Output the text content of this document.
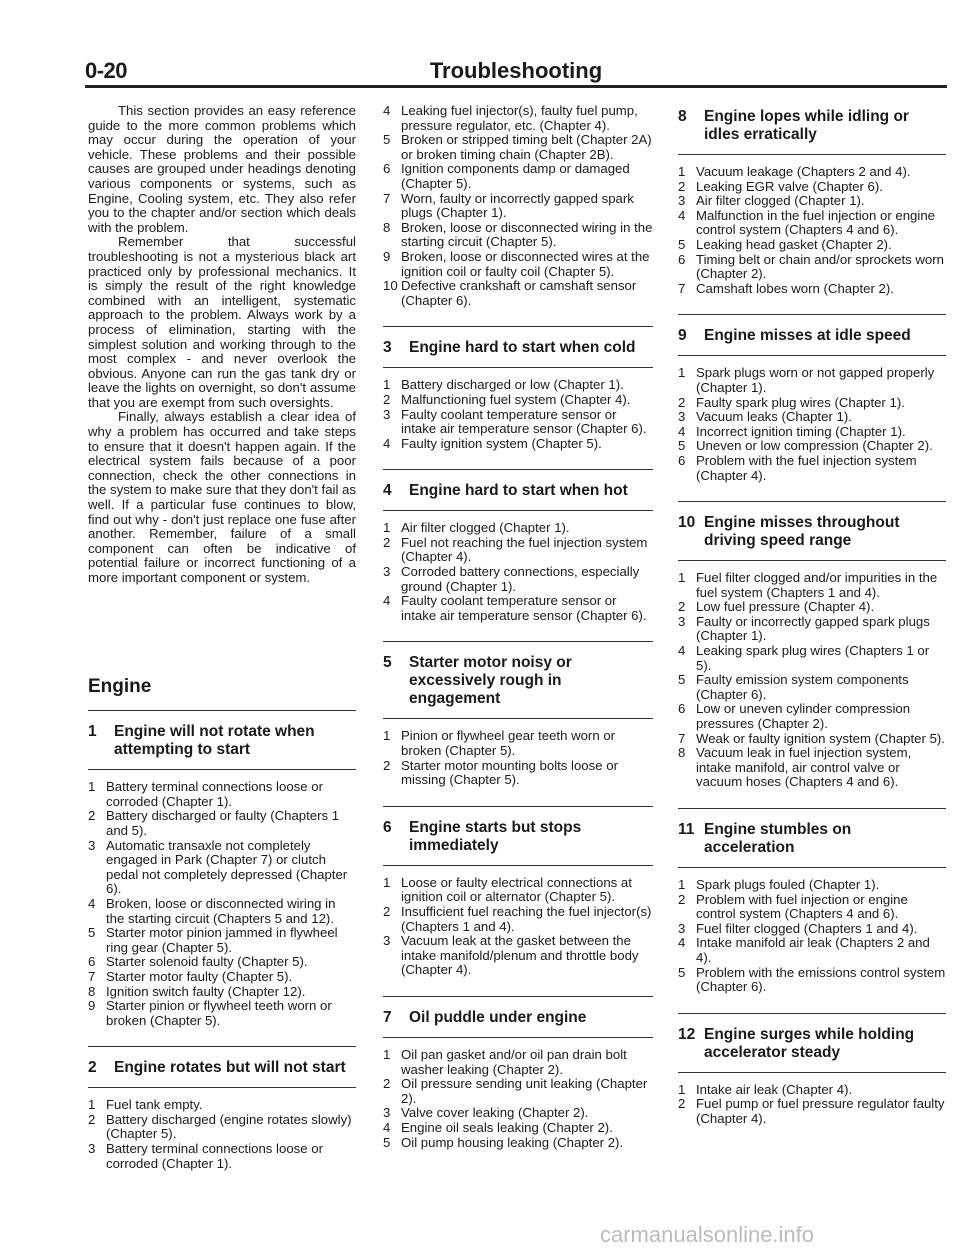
0-20	Troubleshooting

This section provides an easy reference guide to the more common problems which may occur during the operation of your vehicle. These problems and their possible causes are grouped under headings denoting various components or systems, such as Engine, Cooling system, etc. They also refer you to the chapter and/or section which deals with the problem.

Remember that successful troubleshooting is not a mysterious black art practiced only by professional mechanics. It is simply the result of the right knowledge combined with an intelligent, systematic approach to the problem. Always work by a process of elimination, starting with the simplest solution and working through to the most complex - and never overlook the obvious. Anyone can run the gas tank dry or leave the lights on overnight, so don't assume that you are exempt from such oversights.

Finally, always establish a clear idea of why a problem has occurred and take steps to ensure that it doesn't happen again. If the electrical system fails because of a poor connection, check the other connections in the system to make sure that they don't fail as well. If a particular fuse continues to blow, find out why - don't just replace one fuse after another. Remember, failure of a small component can often be indicative of potential failure or incorrect functioning of a more important component or system.

Engine
1	Engine will not rotate when attempting to start
1 Battery terminal connections loose or corroded (Chapter 1).
2 Battery discharged or faulty (Chapters 1 and 5).
3 Automatic transaxle not completely engaged in Park (Chapter 7) or clutch pedal not completely depressed (Chapter 6).
4 Broken, loose or disconnected wiring in the starting circuit (Chapters 5 and 12).
5 Starter motor pinion jammed in flywheel ring gear (Chapter 5).
6 Starter solenoid faulty (Chapter 5).
7 Starter motor faulty (Chapter 5).
8 Ignition switch faulty (Chapter 12).
9 Starter pinion or flywheel teeth worn or broken (Chapter 5).
2	Engine rotates but will not start
1 Fuel tank empty.
2 Battery discharged (engine rotates slowly) (Chapter 5).
3 Battery terminal connections loose or corroded (Chapter 1).
4 Leaking fuel injector(s), faulty fuel pump, pressure regulator, etc. (Chapter 4).
5 Broken or stripped timing belt (Chapter 2A) or broken timing chain (Chapter 2B).
6 Ignition components damp or damaged (Chapter 5).
7 Worn, faulty or incorrectly gapped spark plugs (Chapter 1).
8 Broken, loose or disconnected wiring in the starting circuit (Chapter 5).
9 Broken, loose or disconnected wires at the ignition coil or faulty coil (Chapter 5).
10 Defective crankshaft or camshaft sensor (Chapter 6).
3	Engine hard to start when cold
1 Battery discharged or low (Chapter 1).
2 Malfunctioning fuel system (Chapter 4).
3 Faulty coolant temperature sensor or intake air temperature sensor (Chapter 6).
4 Faulty ignition system (Chapter 5).
4	Engine hard to start when hot
1 Air filter clogged (Chapter 1).
2 Fuel not reaching the fuel injection system (Chapter 4).
3 Corroded battery connections, especially ground (Chapter 1).
4 Faulty coolant temperature sensor or intake air temperature sensor (Chapter 6).
5	Starter motor noisy or excessively rough in engagement
1 Pinion or flywheel gear teeth worn or broken (Chapter 5).
2 Starter motor mounting bolts loose or missing (Chapter 5).
6	Engine starts but stops immediately
1 Loose or faulty electrical connections at ignition coil or alternator (Chapter 5).
2 Insufficient fuel reaching the fuel injector(s) (Chapters 1 and 4).
3 Vacuum leak at the gasket between the intake manifold/plenum and throttle body (Chapter 4).
7	Oil puddle under engine
1 Oil pan gasket and/or oil pan drain bolt washer leaking (Chapter 2).
2 Oil pressure sending unit leaking (Chapter 2).
3 Valve cover leaking (Chapter 2).
4 Engine oil seals leaking (Chapter 2).
5 Oil pump housing leaking (Chapter 2).
8	Engine lopes while idling or idles erratically
1 Vacuum leakage (Chapters 2 and 4).
2 Leaking EGR valve (Chapter 6).
3 Air filter clogged (Chapter 1).
4 Malfunction in the fuel injection or engine control system (Chapters 4 and 6).
5 Leaking head gasket (Chapter 2).
6 Timing belt or chain and/or sprockets worn (Chapter 2).
7 Camshaft lobes worn (Chapter 2).
9	Engine misses at idle speed
1 Spark plugs worn or not gapped properly (Chapter 1).
2 Faulty spark plug wires (Chapter 1).
3 Vacuum leaks (Chapter 1).
4 Incorrect ignition timing (Chapter 1).
5 Uneven or low compression (Chapter 2).
6 Problem with the fuel injection system (Chapter 4).
10 Engine misses throughout driving speed range
1 Fuel filter clogged and/or impurities in the fuel system (Chapters 1 and 4).
2 Low fuel pressure (Chapter 4).
3 Faulty or incorrectly gapped spark plugs (Chapter 1).
4 Leaking spark plug wires (Chapters 1 or 5).
5 Faulty emission system components (Chapter 6).
6 Low or uneven cylinder compression pressures (Chapter 2).
7 Weak or faulty ignition system (Chapter 5).
8 Vacuum leak in fuel injection system, intake manifold, air control valve or vacuum hoses (Chapters 4 and 6).
11 Engine stumbles on acceleration
1 Spark plugs fouled (Chapter 1).
2 Problem with fuel injection or engine control system (Chapters 4 and 6).
3 Fuel filter clogged (Chapters 1 and 4).
4 Intake manifold air leak (Chapters 2 and 4).
5 Problem with the emissions control system (Chapter 6).
12 Engine surges while holding accelerator steady
1 Intake air leak (Chapter 4).
2 Fuel pump or fuel pressure regulator faulty (Chapter 4).
carmanualsonline.info
